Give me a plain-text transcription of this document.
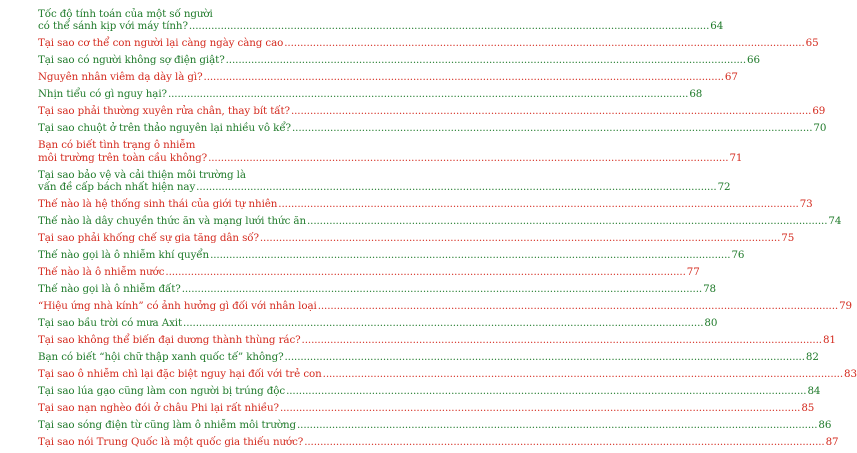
Tốc độ tính toán của một số người
có thể sánh kịp với máy tính? .....	64
Tại sao cơ thể con người lại càng ngày càng cao .....	65
Tại sao có người không sợ điện giật? .....	66
Nguyên nhân viêm dạ dày là gì? .....	67
Nhịn tiểu có gì nguy hại? .....	68
Tại sao phải thường xuyên rửa chân, thay bít tất? .....	69
Tại sao chuột ở trên thảo nguyên lại nhiều vô kể? .....	70
Bạn có biết tình trạng ô nhiễm
môi trường trên toàn cầu không? .....	71
Tại sao bảo vệ và cải thiện môi trường là
vấn đề cấp bách nhất hiện nay .....	72
Thế nào là hệ thống sinh thái của giới tự nhiên .....	73
Thế nào là dây chuyền thức ăn và mạng lưới thức ăn .....	74
Tại sao phải khống chế sự gia tăng dân số? .....	75
Thế nào gọi là ô nhiễm khí quyển .....	76
Thế nào là ô nhiễm nước .....	77
Thế nào gọi là ô nhiễm đất? .....	78
“Hiệu ứng nhà kính” có ảnh hưởng gì đối với nhân loại .....	79
Tại sao bầu trời có mưa Axit .....	80
Tại sao không thể biến đại dương thành thùng rác? .....	81
Bạn có biết “hội chữ thập xanh quốc tế” không? .....	82
Tại sao ô nhiễm chì lại đặc biệt nguy hại đối với trẻ con .....	83
Tại sao lúa gạo cũng làm con người bị trúng độc .....	84
Tại sao nạn nghèo đói ở châu Phi lại rất nhiều? .....	85
Tại sao sóng điện từ cũng làm ô nhiễm môi trường .....	86
Tại sao nói Trung Quốc là một quốc gia thiếu nước? .....	87
